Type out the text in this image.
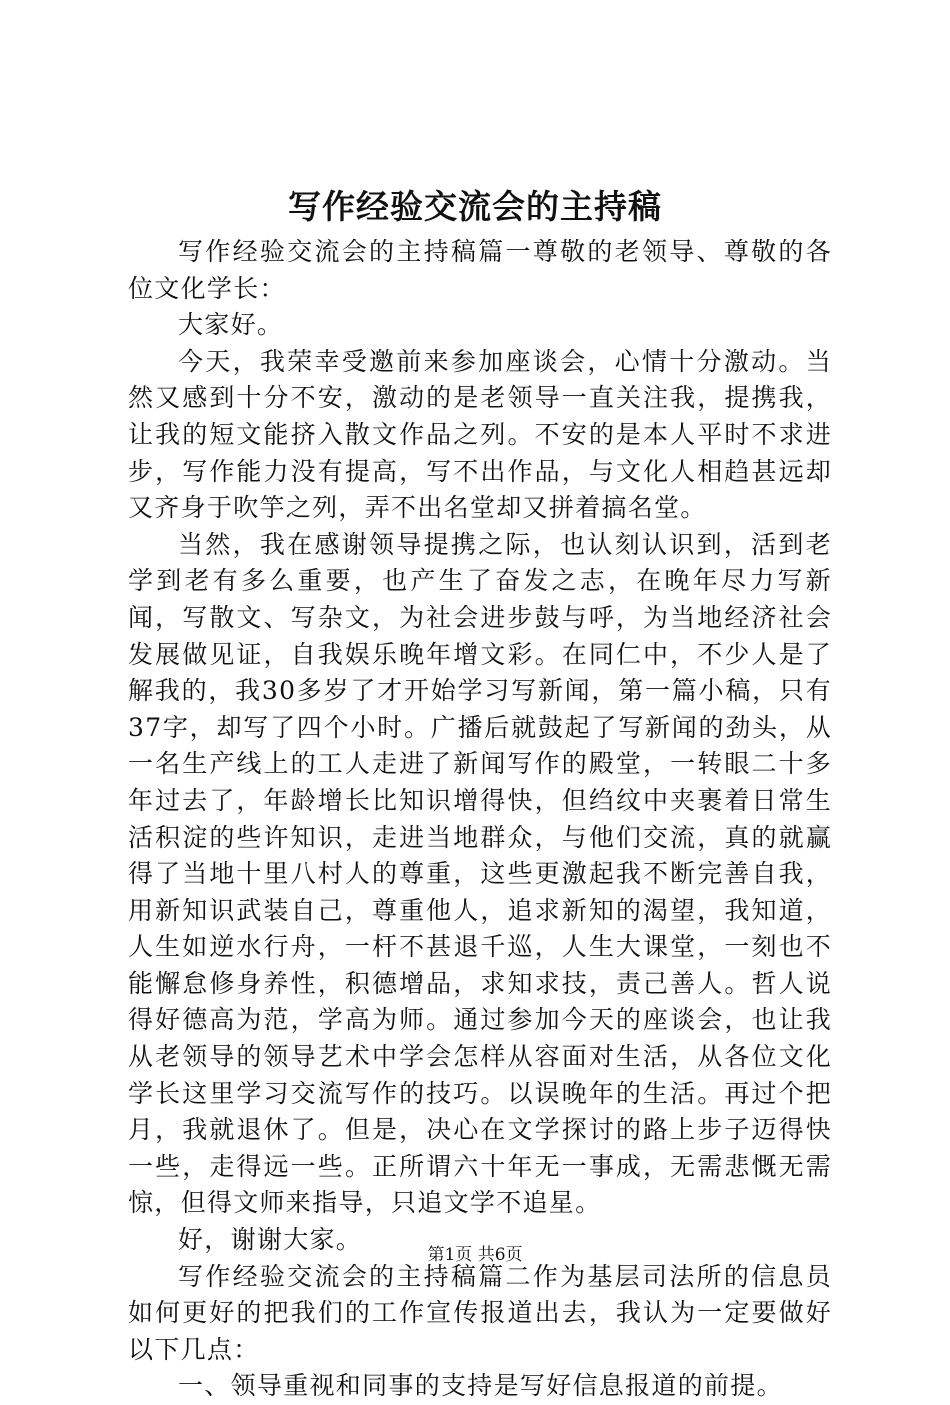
写作经验交流会的主持稿

写作经验交流会的主持稿篇一尊敬的老领导、尊敬的各位文化学长：

大家好。

今天，我荣幸受邀前来参加座谈会，心情十分激动。当然又感到十分不安，激动的是老领导一直关注我，提携我，让我的短文能挤入散文作品之列。不安的是本人平时不求进步，写作能力没有提高，写不出作品，与文化人相趋甚远却又齐身于吹竽之列，弄不出名堂却又拼着搞名堂。

当然，我在感谢领导提携之际，也认刻认识到，活到老学到老有多么重要，也产生了奋发之志，在晚年尽力写新闻，写散文、写杂文，为社会进步鼓与呼，为当地经济社会发展做见证，自我娱乐晚年增文彩。在同仁中，不少人是了解我的，我30多岁了才开始学习写新闻，第一篇小稿，只有37字，却写了四个小时。广播后就鼓起了写新闻的劲头，从一名生产线上的工人走进了新闻写作的殿堂，一转眼二十多年过去了，年龄增长比知识增得快，但绉纹中夹裹着日常生活积淀的些许知识，走进当地群众，与他们交流，真的就赢得了当地十里八村人的尊重，这些更激起我不断完善自我，用新知识武装自己，尊重他人，追求新知的渴望，我知道，人生如逆水行舟，一杆不甚退千巡，人生大课堂，一刻也不能懈怠修身养性，积德增品，求知求技，责己善人。哲人说得好德高为范，学高为师。通过参加今天的座谈会，也让我从老领导的领导艺术中学会怎样从容面对生活，从各位文化学长这里学习交流写作的技巧。以误晚年的生活。再过个把月，我就退休了。但是，决心在文学探讨的路上步子迈得快一些，走得远一些。正所谓六十年无一事成，无需悲慨无需惊，但得文师来指导，只追文学不追星。

好，谢谢大家。

写作经验交流会的主持稿篇二作为基层司法所的信息员如何更好的把我们的工作宣传报道出去，我认为一定要做好以下几点：

一、领导重视和同事的支持是写好信息报道的前提。

第1页 共6页
